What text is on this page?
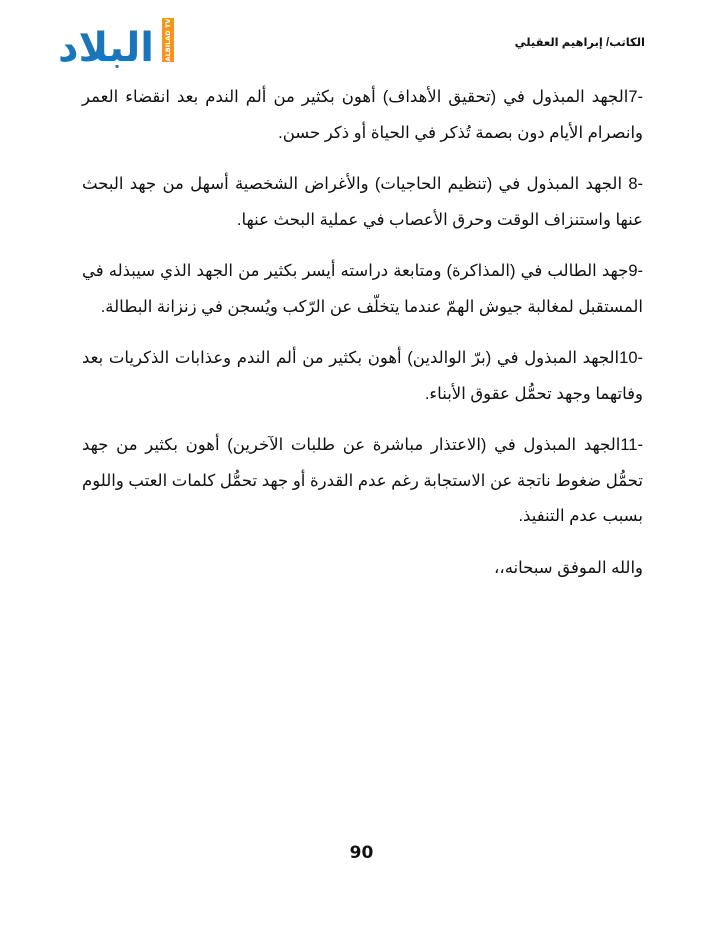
البلاد ALBILAD TV	الكاتب/ إبراهيم العقيلي

-7الجهد المبذول في (تحقيق الأهداف) أهون بكثير من ألم الندم بعد انقضاء العمر وانصرام الأيام دون بصمة تُذكر في الحياة أو ذكر حسن.

-8 الجهد المبذول في (تنظيم الحاجيات) والأغراض الشخصية أسهل من جهد البحث عنها واستنزاف الوقت وحرق الأعصاب في عملية البحث عنها.

-9جهد الطالب في (المذاكرة) ومتابعة دراسته أيسر بكثير من الجهد الذي سيبذله في المستقبل لمغالبة جيوش الهمّ عندما يتخلّف عن الرّكب ويُسجن في زنزانة البطالة.

-10الجهد المبذول في (برّ الوالدين) أهون بكثير من ألم الندم وعذابات الذكريات بعد وفاتهما وجهد تحمُّل عقوق الأبناء.

-11الجهد المبذول في (الاعتذار مباشرة عن طلبات الآخرين) أهون بكثير من جهد تحمُّل ضغوط ناتجة عن الاستجابة رغم عدم القدرة أو جهد تحمُّل كلمات العتب واللوم بسبب عدم التنفيذ.

والله الموفق سبحانه،،

90
